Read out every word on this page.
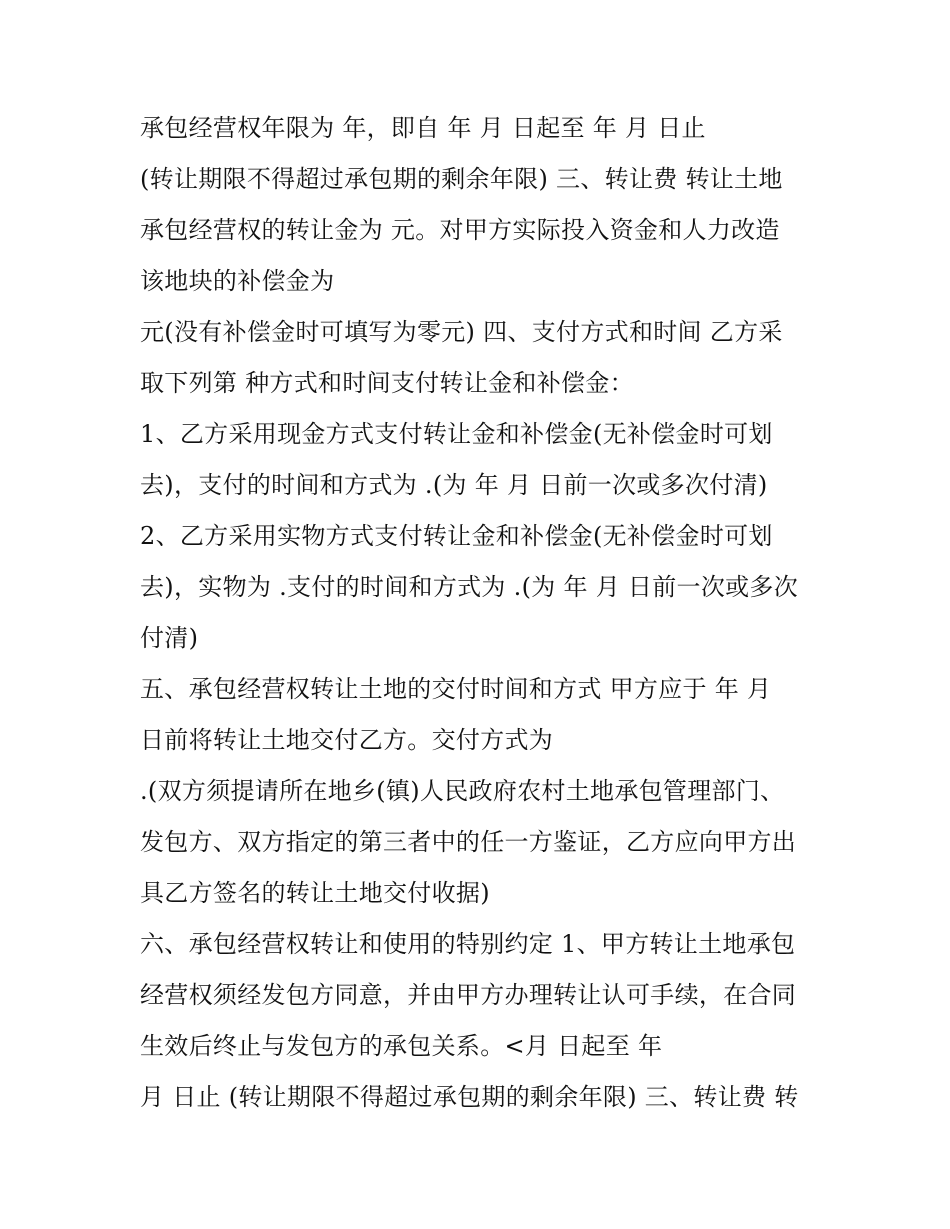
承包经营权年限为 年，即自 年 月 日起至 年 月 日止
(转让期限不得超过承包期的剩余年限) 三、转让费 转让土地
承包经营权的转让金为 元。对甲方实际投入资金和人力改造
该地块的补偿金为
元(没有补偿金时可填写为零元) 四、支付方式和时间 乙方采
取下列第 种方式和时间支付转让金和补偿金：
1、乙方采用现金方式支付转让金和补偿金(无补偿金时可划
去)，支付的时间和方式为 .(为 年 月 日前一次或多次付清)
2、乙方采用实物方式支付转让金和补偿金(无补偿金时可划
去)，实物为 .支付的时间和方式为 .(为 年 月 日前一次或多次
付清)
五、承包经营权转让土地的交付时间和方式 甲方应于 年 月
日前将转让土地交付乙方。交付方式为
.(双方须提请所在地乡(镇)人民政府农村土地承包管理部门、
发包方、双方指定的第三者中的任一方鉴证，乙方应向甲方出
具乙方签名的转让土地交付收据)
六、承包经营权转让和使用的特别约定 1、甲方转让土地承包
经营权须经发包方同意，并由甲方办理转让认可手续，在合同
生效后终止与发包方的承包关系。<月 日起至 年
月 日止 (转让期限不得超过承包期的剩余年限) 三、转让费 转
